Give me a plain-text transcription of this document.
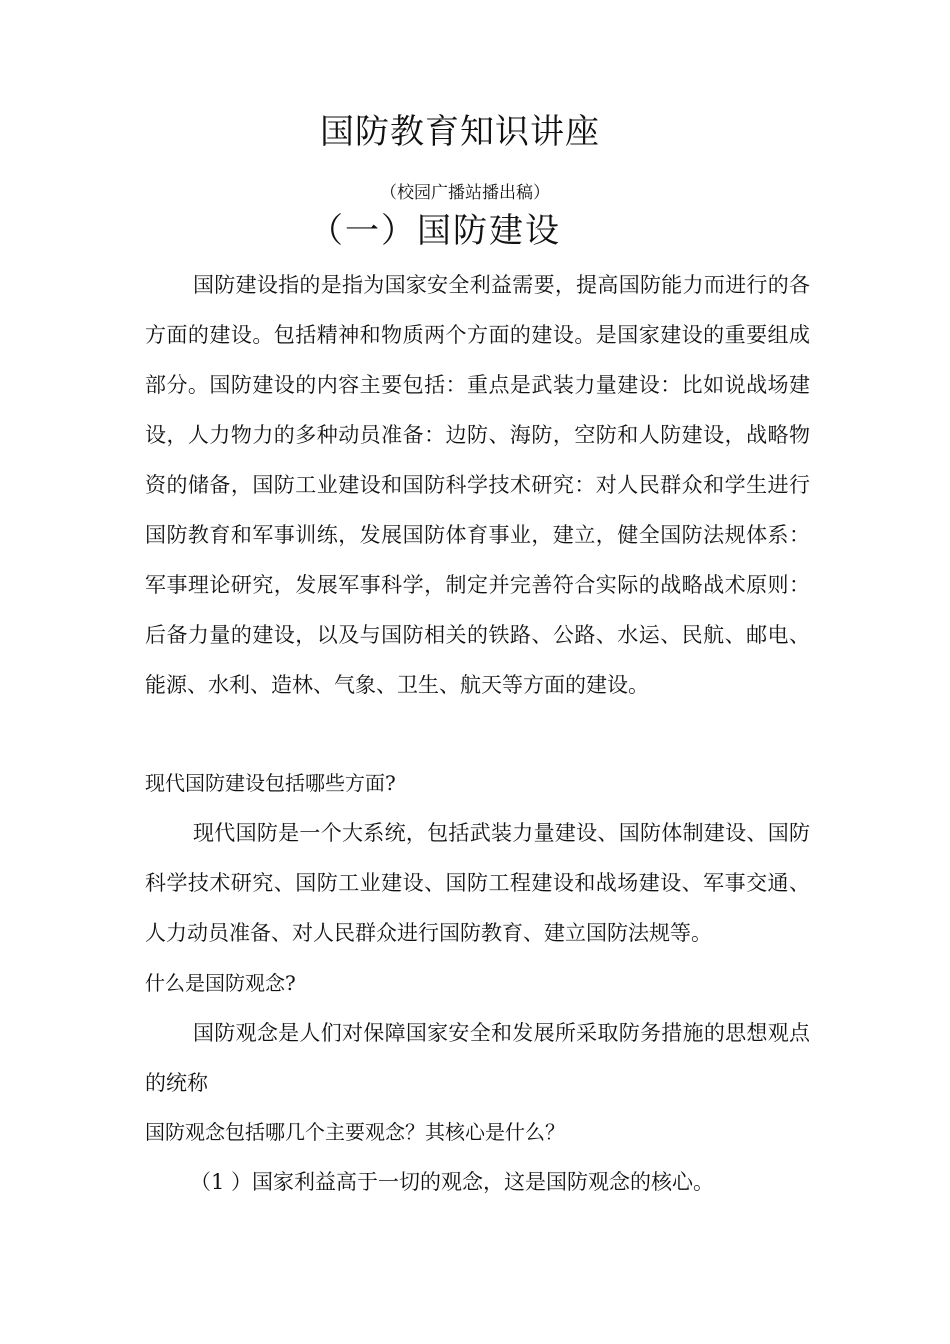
国防教育知识讲座

（校园广播站播出稿）

（一）国防建设

国防建设指的是指为国家安全利益需要，提高国防能力而进行的各方面的建设。包括精神和物质两个方面的建设。是国家建设的重要组成部分。国防建设的内容主要包括：重点是武装力量建设：比如说战场建设，人力物力的多种动员准备：边防、海防，空防和人防建设，战略物资的储备，国防工业建设和国防科学技术研究：对人民群众和学生进行国防教育和军事训练，发展国防体育事业，建立，健全国防法规体系：军事理论研究，发展军事科学，制定并完善符合实际的战略战术原则：后备力量的建设，以及与国防相关的铁路、公路、水运、民航、邮电、能源、水利、造林、气象、卫生、航天等方面的建设。

现代国防建设包括哪些方面?

现代国防是一个大系统，包括武装力量建设、国防体制建设、国防科学技术研究、国防工业建设、国防工程建设和战场建设、军事交通、人力动员准备、对人民群众进行国防教育、建立国防法规等。

什么是国防观念?

国防观念是人们对保障国家安全和发展所采取防务措施的思想观点的统称

国防观念包括哪几个主要观念？其核心是什么？

（1 ）国家利益高于一切的观念，这是国防观念的核心。
